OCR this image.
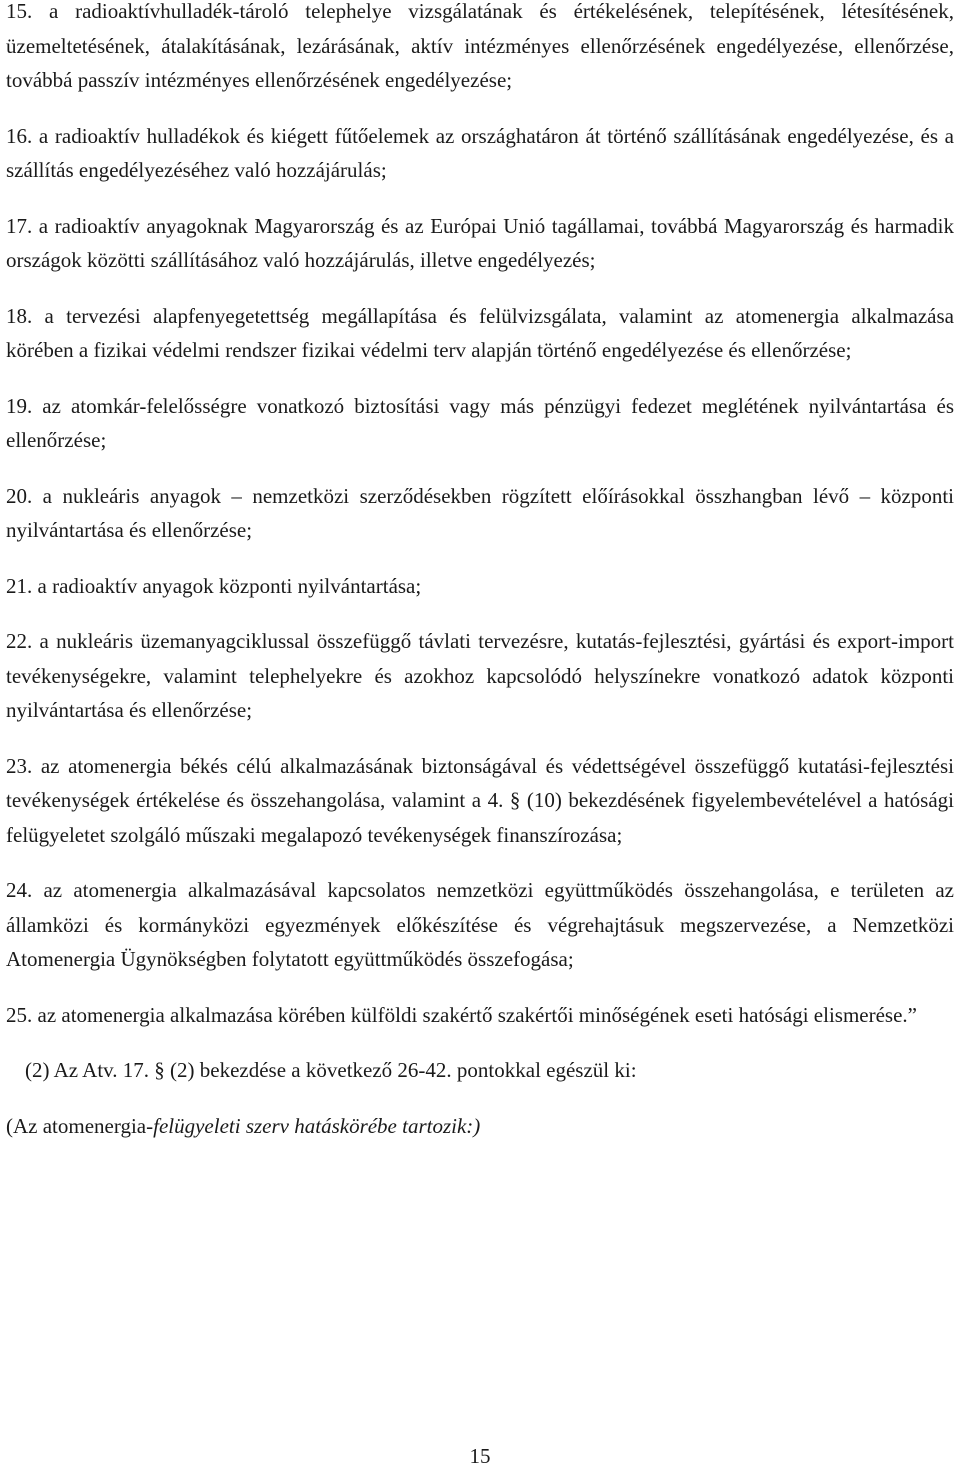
15. a radioaktívhulladék-tároló telephelye vizsgálatának és értékelésének, telepítésének, létesítésének, üzemeltetésének, átalakításának, lezárásának, aktív intézményes ellenőrzésének engedélyezése, ellenőrzése, továbbá passzív intézményes ellenőrzésének engedélyezése;

16. a radioaktív hulladékok és kiégett fűtőelemek az országhatáron át történő szállításának engedélyezése, és a szállítás engedélyezéséhez való hozzájárulás;

17. a radioaktív anyagoknak Magyarország és az Európai Unió tagállamai, továbbá Magyarország és harmadik országok közötti szállításához való hozzájárulás, illetve engedélyezés;

18. a tervezési alapfenyegetettség megállapítása és felülvizsgálata, valamint az atomenergia alkalmazása körében a fizikai védelmi rendszer fizikai védelmi terv alapján történő engedélyezése és ellenőrzése;

19. az atomkár-felelősségre vonatkozó biztosítási vagy más pénzügyi fedezet meglétének nyilvántartása és ellenőrzése;

20. a nukleáris anyagok – nemzetközi szerződésekben rögzített előírásokkal összhangban lévő – központi nyilvántartása és ellenőrzése;

21. a radioaktív anyagok központi nyilvántartása;

22. a nukleáris üzemanyagciklussal összefüggő távlati tervezésre, kutatás-fejlesztési, gyártási és export-import tevékenységekre, valamint telephelyekre és azokhoz kapcsolódó helyszínekre vonatkozó adatok központi nyilvántartása és ellenőrzése;

23. az atomenergia békés célú alkalmazásának biztonságával és védettségével összefüggő kutatási-fejlesztési tevékenységek értékelése és összehangolása, valamint a 4. § (10) bekezdésének figyelembevételével a hatósági felügyeletet szolgáló műszaki megalapozó tevékenységek finanszírozása;

24. az atomenergia alkalmazásával kapcsolatos nemzetközi együttműködés összehangolása, e területen az államközi és kormányközi egyezmények előkészítése és végrehajtásuk megszervezése, a Nemzetközi Atomenergia Ügynökségben folytatott együttműködés összefogása;

25. az atomenergia alkalmazása körében külföldi szakértő szakértői minőségének eseti hatósági elismerése.”

(2) Az Atv. 17. § (2) bekezdése a következő 26-42. pontokkal egészül ki:

(Az atomenergia-felügyeleti szerv hatáskörébe tartozik:)

15
